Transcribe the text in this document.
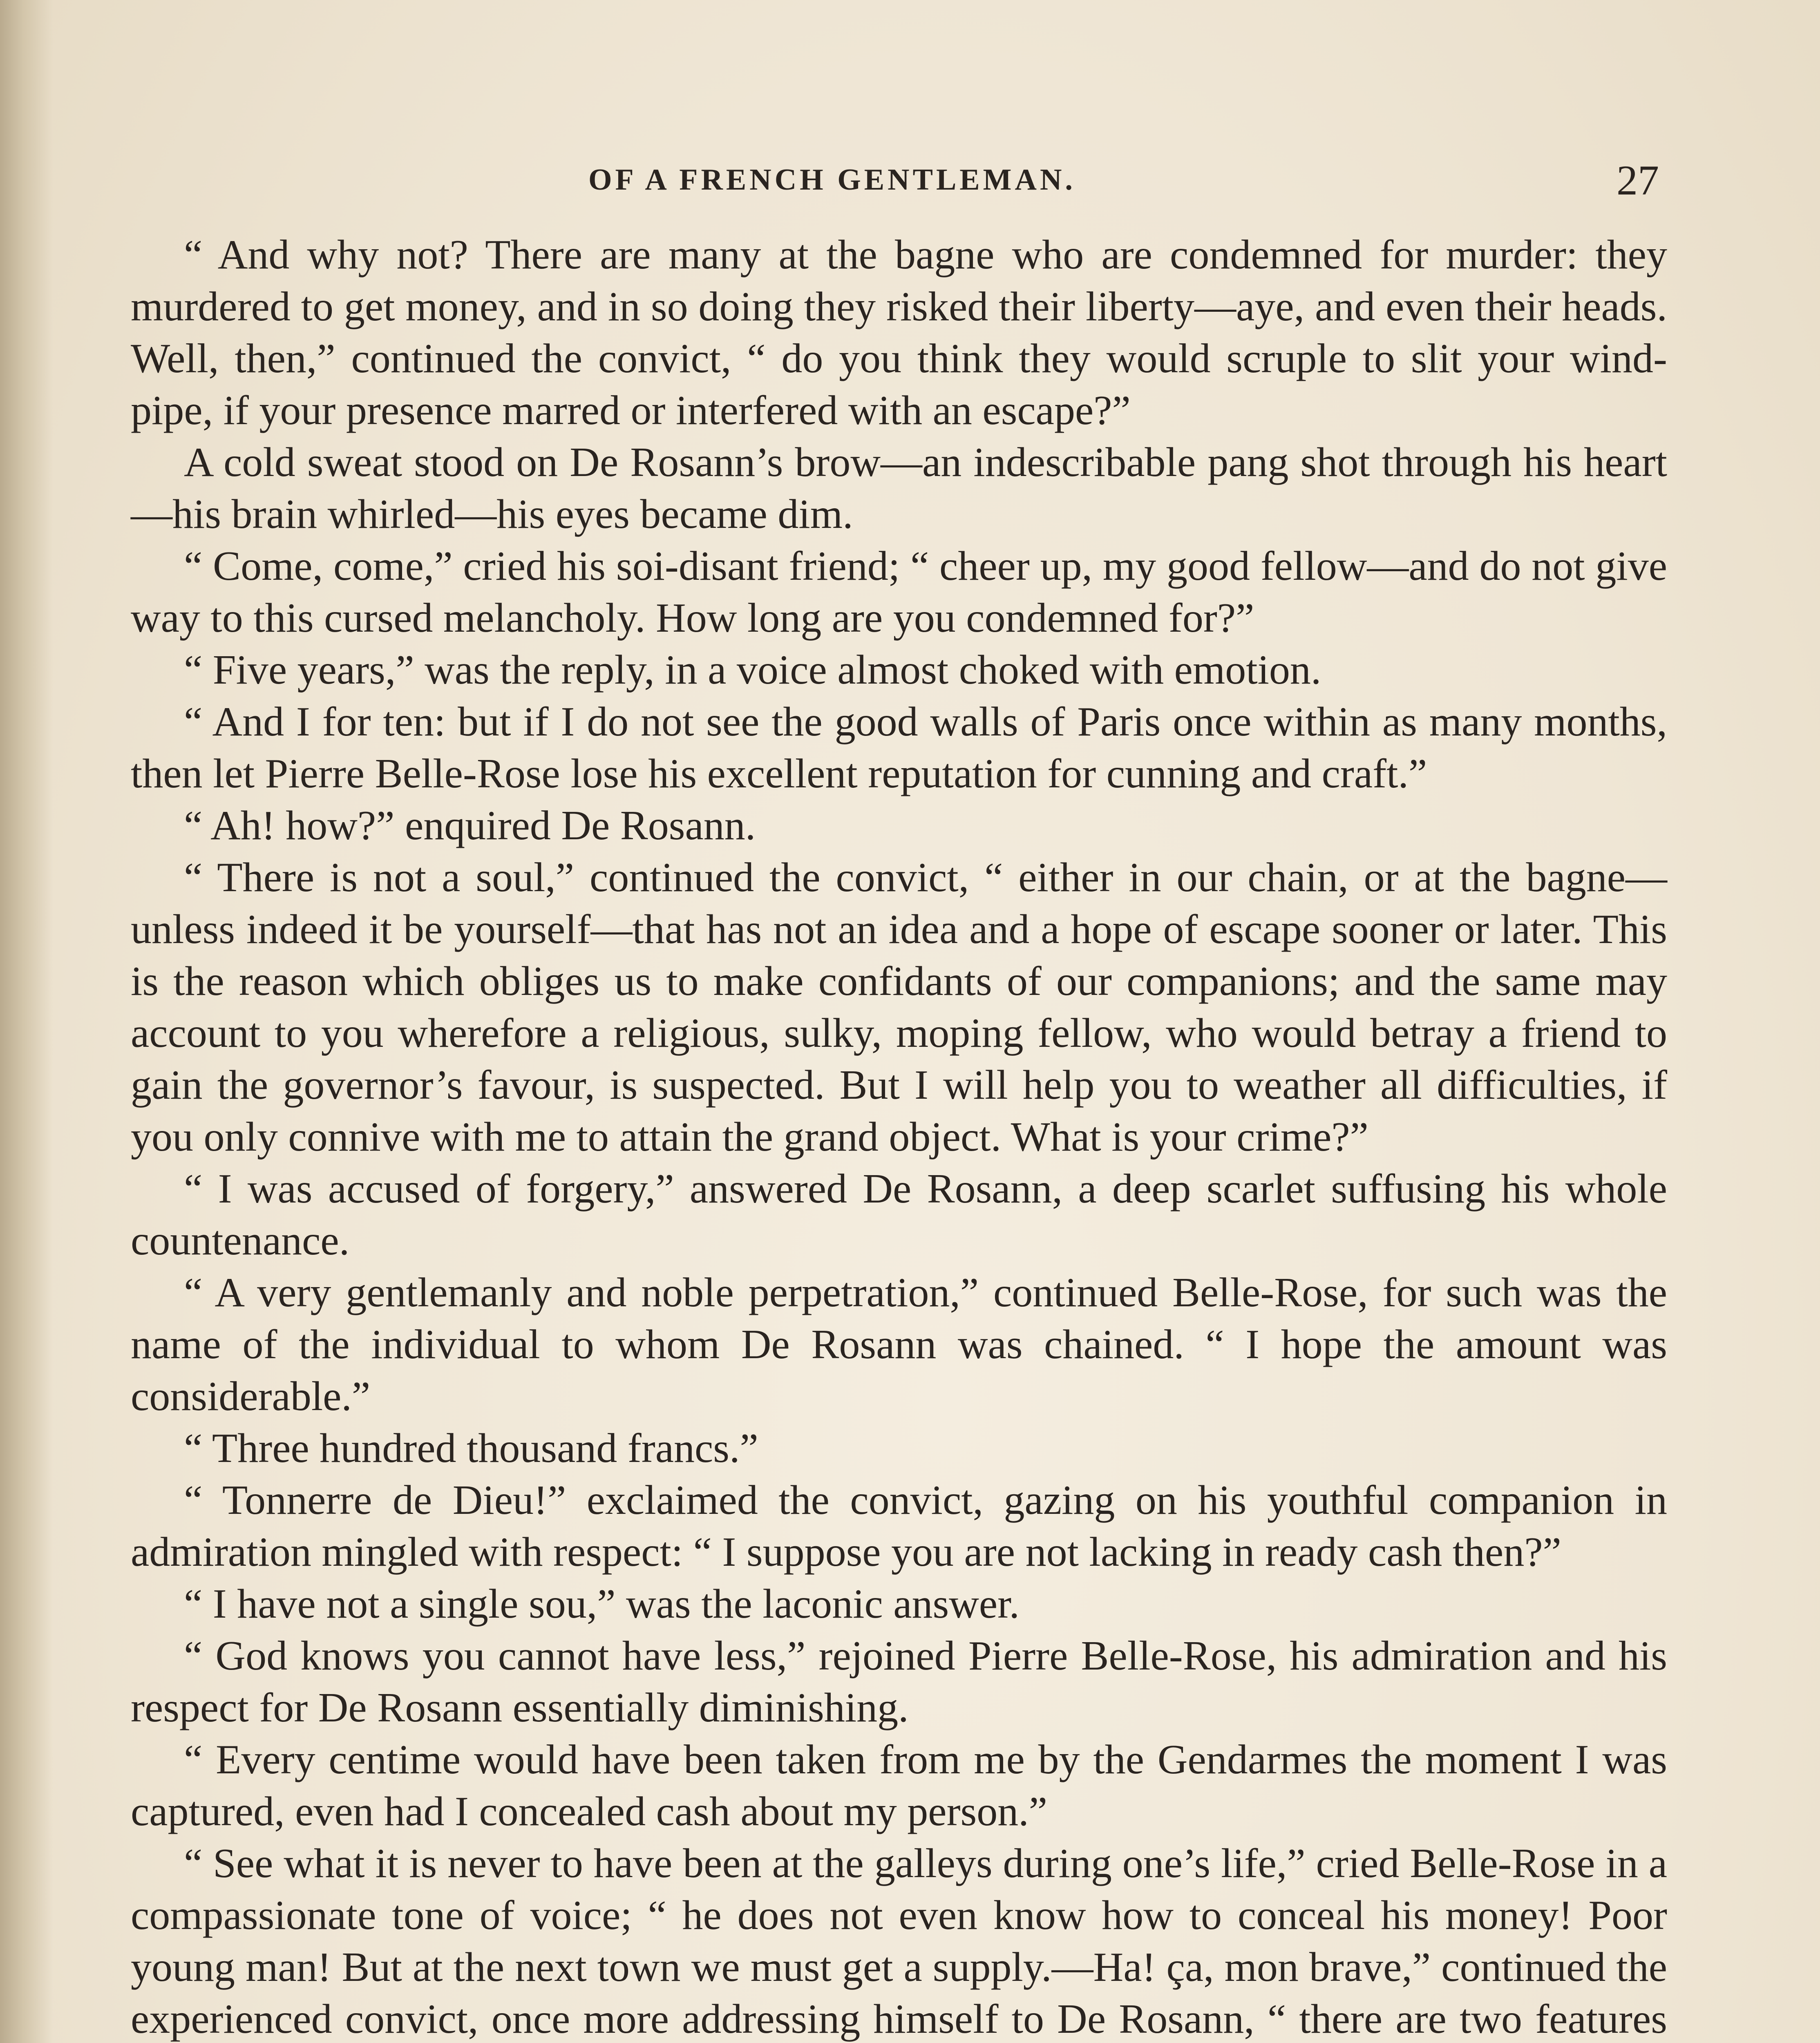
OF A FRENCH GENTLEMAN.	27

“ And why not? There are many at the bagne who are condemned for murder: they murdered to get money, and in so doing they risked their liberty—aye, and even their heads. Well, then,” continued the convict, “ do you think they would scruple to slit your wind-pipe, if your presence marred or interfered with an escape?”

A cold sweat stood on De Rosann’s brow—an indescribable pang shot through his heart—his brain whirled—his eyes became dim.

“ Come, come,” cried his soi-disant friend; “ cheer up, my good fellow—and do not give way to this cursed melancholy. How long are you condemned for?”

“ Five years,” was the reply, in a voice almost choked with emotion.

“ And I for ten: but if I do not see the good walls of Paris once within as many months, then let Pierre Belle-Rose lose his excellent reputation for cunning and craft.”

“ Ah! how?” enquired De Rosann.

“ There is not a soul,” continued the convict, “ either in our chain, or at the bagne—unless indeed it be yourself—that has not an idea and a hope of escape sooner or later. This is the reason which obliges us to make confidants of our companions; and the same may account to you wherefore a religious, sulky, moping fellow, who would betray a friend to gain the governor’s favour, is suspected. But I will help you to weather all difficulties, if you only connive with me to attain the grand object. What is your crime?”

“ I was accused of forgery,” answered De Rosann, a deep scarlet suffusing his whole countenance.

“ A very gentlemanly and noble perpetration,” continued Belle-Rose, for such was the name of the individual to whom De Rosann was chained. “ I hope the amount was considerable.”

“ Three hundred thousand francs.”

“ Tonnerre de Dieu!” exclaimed the convict, gazing on his youthful companion in admiration mingled with respect: “ I suppose you are not lacking in ready cash then?”

“ I have not a single sou,” was the laconic answer.

“ God knows you cannot have less,” rejoined Pierre Belle-Rose, his admiration and his respect for De Rosann essentially diminishing.

“ Every centime would have been taken from me by the Gendarmes the moment I was captured, even had I concealed cash about my person.”

“ See what it is never to have been at the galleys during one’s life,” cried Belle-Rose in a compassionate tone of voice; “ he does not even know how to conceal his money! Poor young man! But at the next town we must get a supply.—Ha! ça, mon brave,” continued the experienced convict, once more addressing himself to De Rosann, “ there are two features
